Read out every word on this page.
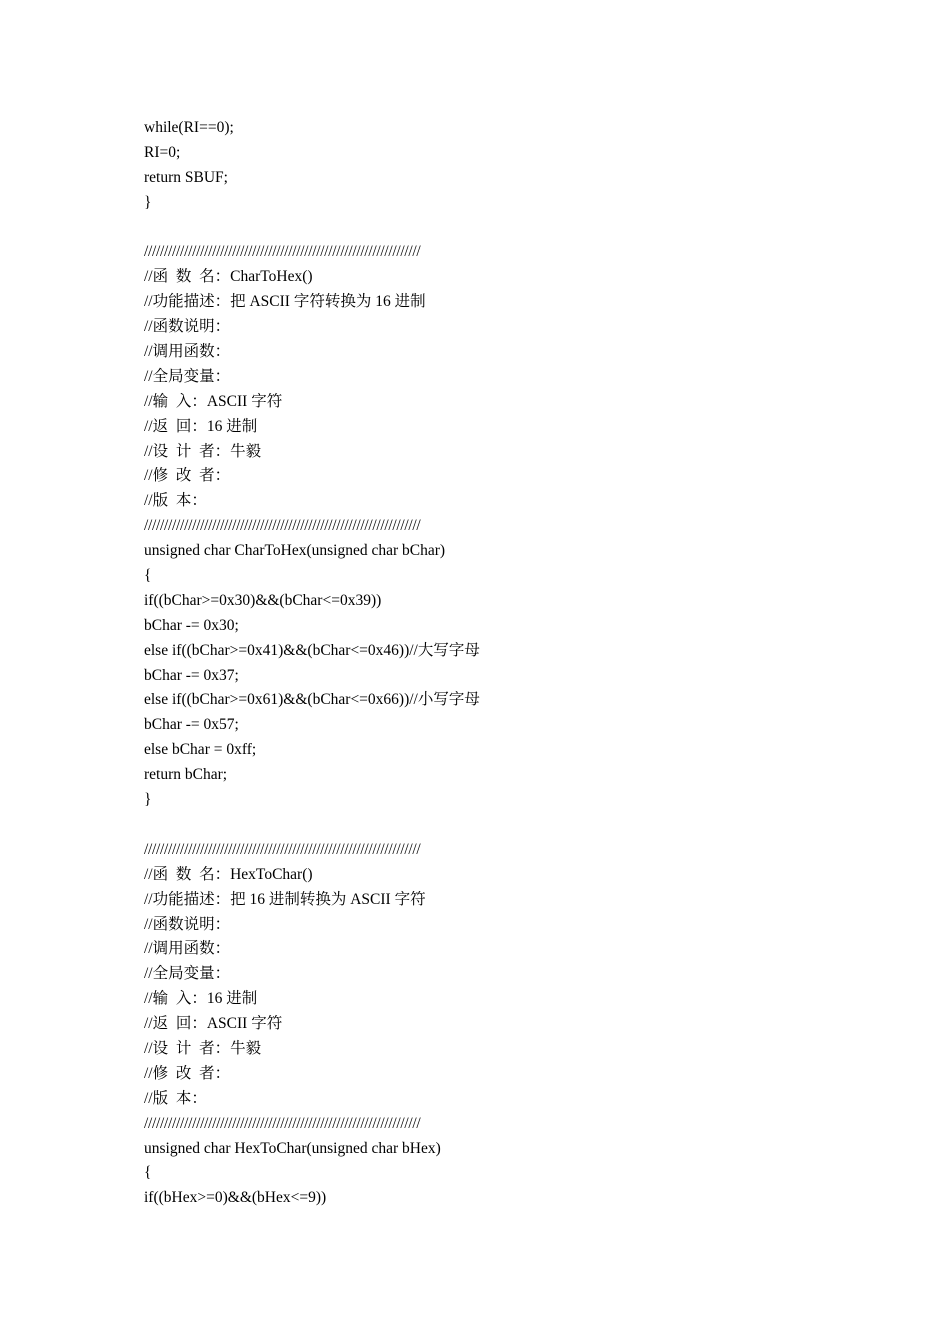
while(RI==0);
RI=0;
return SBUF;
}
/////////////////////////////////////////////////////////////////////
//函  数  名：CharToHex()
//功能描述：把 ASCII 字符转换为 16 进制
//函数说明：
//调用函数：
//全局变量：
//输  入：ASCII 字符
//返  回：16 进制
//设  计  者：牛毅
//修  改  者：
//版  本：
/////////////////////////////////////////////////////////////////////
unsigned char CharToHex(unsigned char bChar)
{
if((bChar>=0x30)&&(bChar<=0x39))
bChar -= 0x30;
else if((bChar>=0x41)&&(bChar<=0x46))//大写字母
bChar -= 0x37;
else if((bChar>=0x61)&&(bChar<=0x66))//小写字母
bChar -= 0x57;
else bChar = 0xff;
return bChar;
}
/////////////////////////////////////////////////////////////////////
//函  数  名：HexToChar()
//功能描述：把 16 进制转换为 ASCII 字符
//函数说明：
//调用函数：
//全局变量：
//输  入：16 进制
//返  回：ASCII 字符
//设  计  者：牛毅
//修  改  者：
//版  本：
/////////////////////////////////////////////////////////////////////
unsigned char HexToChar(unsigned char bHex)
{
if((bHex>=0)&&(bHex<=9))
